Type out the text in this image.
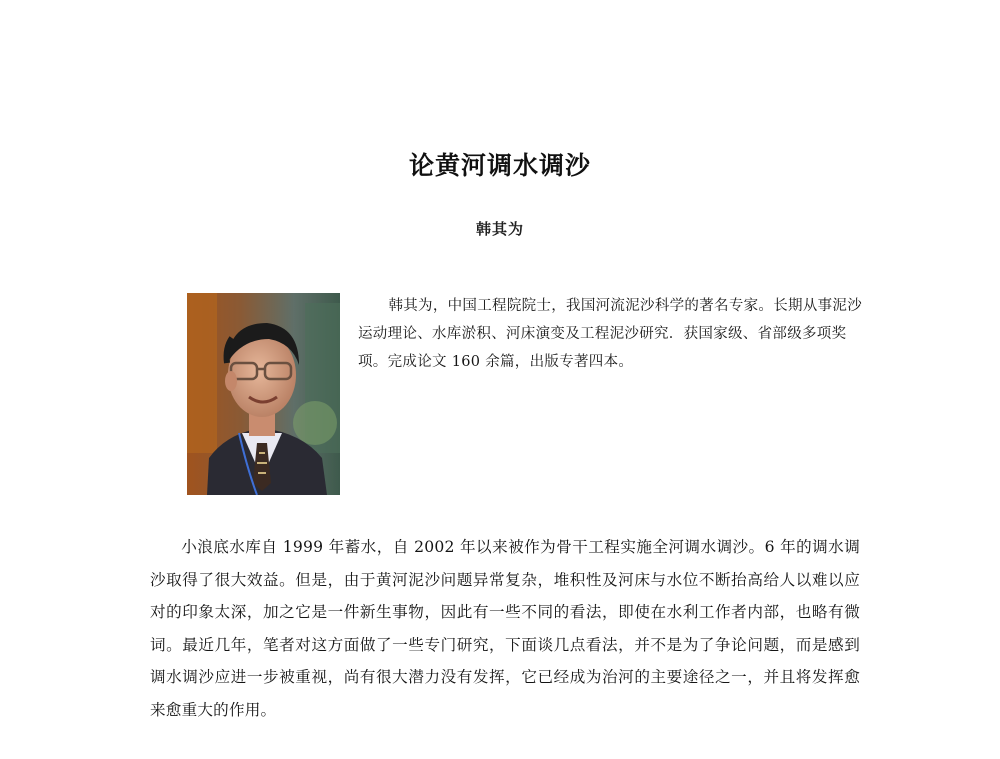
论黄河调水调沙
韩其为

韩其为，中国工程院院士，我国河流泥沙科学的著名专家。长期从事泥沙运动理论、水库淤积、河床演变及工程泥沙研究．获国家级、省部级多项奖项。完成论文 160 余篇，出版专著四本。

小浪底水库自 1999 年蓄水，自 2002 年以来被作为骨干工程实施全河调水调沙。6 年的调水调沙取得了很大效益。但是，由于黄河泥沙问题异常复杂，堆积性及河床与水位不断抬高给人以难以应对的印象太深，加之它是一件新生事物，因此有一些不同的看法，即使在水利工作者内部，也略有微词。最近几年，笔者对这方面做了一些专门研究，下面谈几点看法，并不是为了争论问题，而是感到调水调沙应进一步被重视，尚有很大潜力没有发挥，它已经成为治河的主要途径之一，并且将发挥愈来愈重大的作用。
